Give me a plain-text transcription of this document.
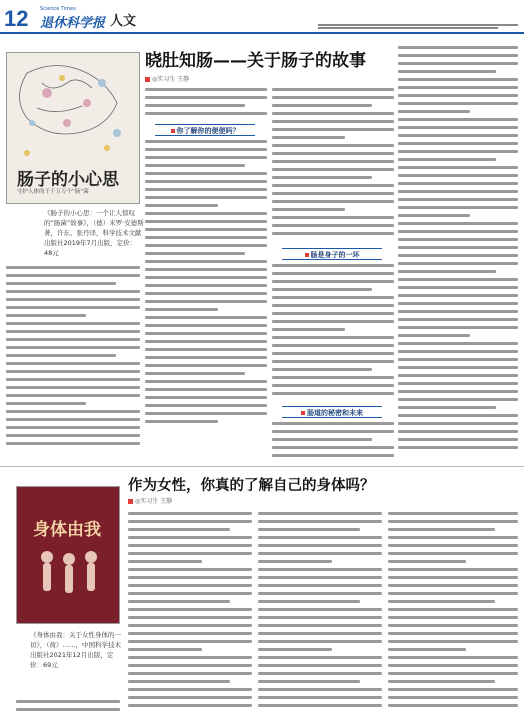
12 Science Times
退休科学报 人文
晓肚知肠——关于肠子的故事
◎实习生 王静
肠子的小心思
守护人体的千千万万个“肠”菌
《肠子的小心思：一个让人惊叹的“肠菌”故事》，（德）米罗·安德斯著，许东、张丹译，科学技术文献出版社2019年7月出版，定价：48元
你了解你的便便吗？
肠是身子的一环
肠道的秘密和未来
作为女性，你真的了解自己的身体吗？
◎实习生 王静
身体由我
《身体由我：关于女性身体的一切》，（荷）……，中国科学技术出版社2021年12月出版，定价：69元
